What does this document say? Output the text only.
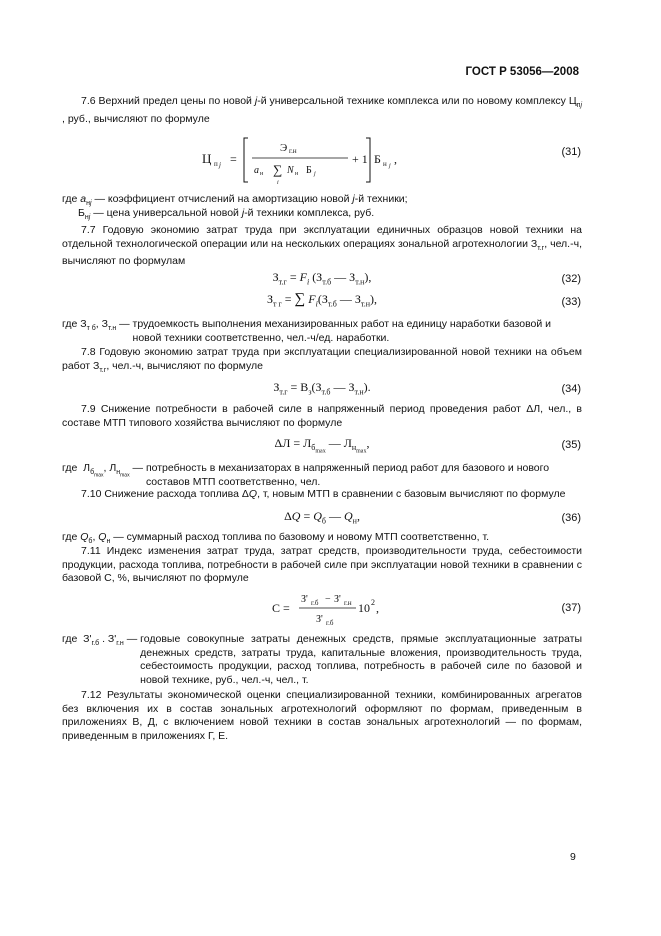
ГОСТ Р 53056—2008
7.6 Верхний предел цены по новой j-й универсальной технике комплекса или по новому комплексу $Ц_{пj}$ , руб., вычисляют по формуле
Ц п j =
Э г.н
a н ∑
i
N н Б j
+ 1 Б н j ,	(31)
где $a_{нj}$ — коэффициент отчислений на амортизацию новой j-й техники;
$Б_{нj}$ — цена универсальной новой j-й техники комплекса, руб.
7.7 Годовую экономию затрат труда при эксплуатации единичных образцов новой техники на отдельной технологической операции или на нескольких операциях зональной агротехнологии $З_{т.г}$, чел.-ч, вычисляют по формулам
$З_{т.г} = F_i$ ($З_{т.б}$ — $З_{т.н}$),	(32)
$З_{т г}$ = ∑ $F_i(З_{т.б}$ — $З_{т.н}$),	(33)
где $З_{т б}$, $З_{т.н}$ — трудоемкость выполнения механизированных работ на единицу наработки базовой и новой техники соответственно, чел.-ч/ед. наработки.
7.8 Годовую экономию затрат труда при эксплуатации специализированной новой техники на объем работ $З_{т.г}$, чел.-ч, вычисляют по формуле
$З_{т.г} = В_з(З_{т.б}$ — $З_{т.н}$).	(34)
7.9 Снижение потребности в рабочей силе в напряженный период проведения работ ΔЛ, чел., в составе МТП типового хозяйства вычисляют по формуле
$\Delta Л = Л_{б_{max}}$ — $Л_{н_{max}}$,	(35)
где  $Л_{б_{max}}$, $Л_{н_{max}}$ — потребность в механизаторах в напряженный период работ для базового и нового составов МТП соответственно, чел.
7.10 Снижение расхода топлива ΔQ, т, новым МТП в сравнении с базовым вычисляют по формуле
$\Delta Q = Q_б$ — $Q_н$,	(36)
где $Q_б$, $Q_н$ — суммарный расход топлива по базовому и новому МТП соответственно, т.
7.11 Индекс изменения затрат труда, затрат средств, производительности труда, себестоимости продукции, расхода топлива, потребности в рабочей силе при эксплуатации новой техники в сравнении с базовой С, %, вычисляют по формуле
С =
З' г.б − З' г.н
З' г.б
10 2 ,	(37)
где  $З'_{г.б}$ . $З'_{г.н}$ — годовые совокупные затраты денежных средств, прямые эксплуатационные затраты денежных средств, затраты труда, капитальные вложения, производительность труда, себестоимость продукции, расход топлива, потребность в рабочей силе по базовой и новой технике, руб., чел.-ч, чел., т.
7.12 Результаты экономической оценки специализированной техники, комбинированных агрегатов без включения их в состав зональных агротехнологий оформляют по формам, приведенным в приложениях В, Д, с включением новой техники в состав зональных агротехнологий — по формам, приведенным в приложениях Г, Е.
9
